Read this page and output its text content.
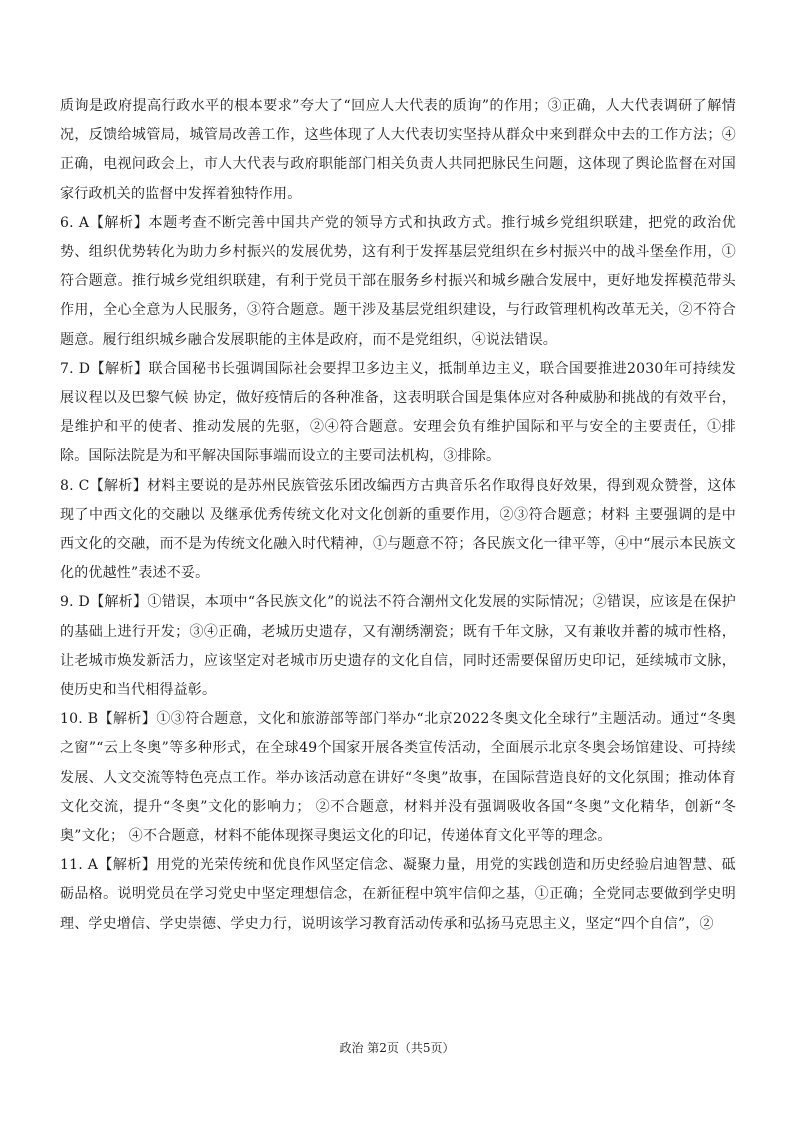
质询是政府提高行政水平的根本要求”夸大了“回应人大代表的质询”的作用；③正确，人大代表调研了解情况，反馈给城管局，城管局改善工作，这些体现了人大代表切实坚持从群众中来到群众中去的工作方法；④正确，电视问政会上，市人大代表与政府职能部门相关负责人共同把脉民生问题，这体现了舆论监督在对国家行政机关的监督中发挥着独特作用。

6. A【解析】本题考查不断完善中国共产党的领导方式和执政方式。推行城乡党组织联建，把党的政治优势、组织优势转化为助力乡村振兴的发展优势，这有利于发挥基层党组织在乡村振兴中的战斗堡垒作用，①符合题意。推行城乡党组织联建，有利于党员干部在服务乡村振兴和城乡融合发展中，更好地发挥模范带头作用，全心全意为人民服务，③符合题意。题干涉及基层党组织建设，与行政管理机构改革无关，②不符合题意。履行组织城乡融合发展职能的主体是政府，而不是党组织，④说法错误。

7. D【解析】联合国秘书长强调国际社会要捍卫多边主义，抵制单边主义，联合国要推进2030年可持续发展议程以及巴黎气候 协定，做好疫情后的各种准备，这表明联合国是集体应对各种威胁和挑战的有效平台，是维护和平的使者、推动发展的先驱，②④符合题意。安理会负有维护国际和平与安全的主要责任，①排除。国际法院是为和平解决国际事端而设立的主要司法机构，③排除。

8. C【解析】材料主要说的是苏州民族管弦乐团改编西方古典音乐名作取得良好效果，得到观众赞誉，这体现了中西文化的交融以 及继承优秀传统文化对文化创新的重要作用，②③符合题意；材料 主要强调的是中西文化的交融，而不是为传统文化融入时代精神，①与题意不符；各民族文化一律平等，④中“展示本民族文化的优越性”表述不妥。

9. D【解析】①错误，本项中“各民族文化”的说法不符合潮州文化发展的实际情况；②错误，应该是在保护的基础上进行开发；③④正确，老城历史遗存，又有潮绣潮瓷；既有千年文脉，又有兼收并蓄的城市性格，让老城市焕发新活力，应该坚定对老城市历史遗存的文化自信，同时还需要保留历史印记，延续城市文脉，使历史和当代相得益彰。

10. B【解析】①③符合题意，文化和旅游部等部门举办“北京2022冬奥文化全球行”主题活动。通过“冬奥之窗”“云上冬奥”等多种形式，在全球49个国家开展各类宣传活动，全面展示北京冬奥会场馆建设、可持续发展、人文交流等特色亮点工作。举办该活动意在讲好“冬奥”故事，在国际营造良好的文化氛围；推动体育文化交流，提升“冬奥”文化的影响力； ②不合题意，材料并没有强调吸收各国“冬奥”文化精华，创新“冬奥”文化； ④不合题意，材料不能体现探寻奥运文化的印记，传递体育文化平等的理念。

11. A【解析】用党的光荣传统和优良作风坚定信念、凝聚力量，用党的实践创造和历史经验启迪智慧、砥砺品格。说明党员在学习党史中坚定理想信念，在新征程中筑牢信仰之基，①正确；全党同志要做到学史明理、学史增信、学史崇德、学史力行，说明该学习教育活动传承和弘扬马克思主义，坚定“四个自信”，②

政治 第2页（共5页）
